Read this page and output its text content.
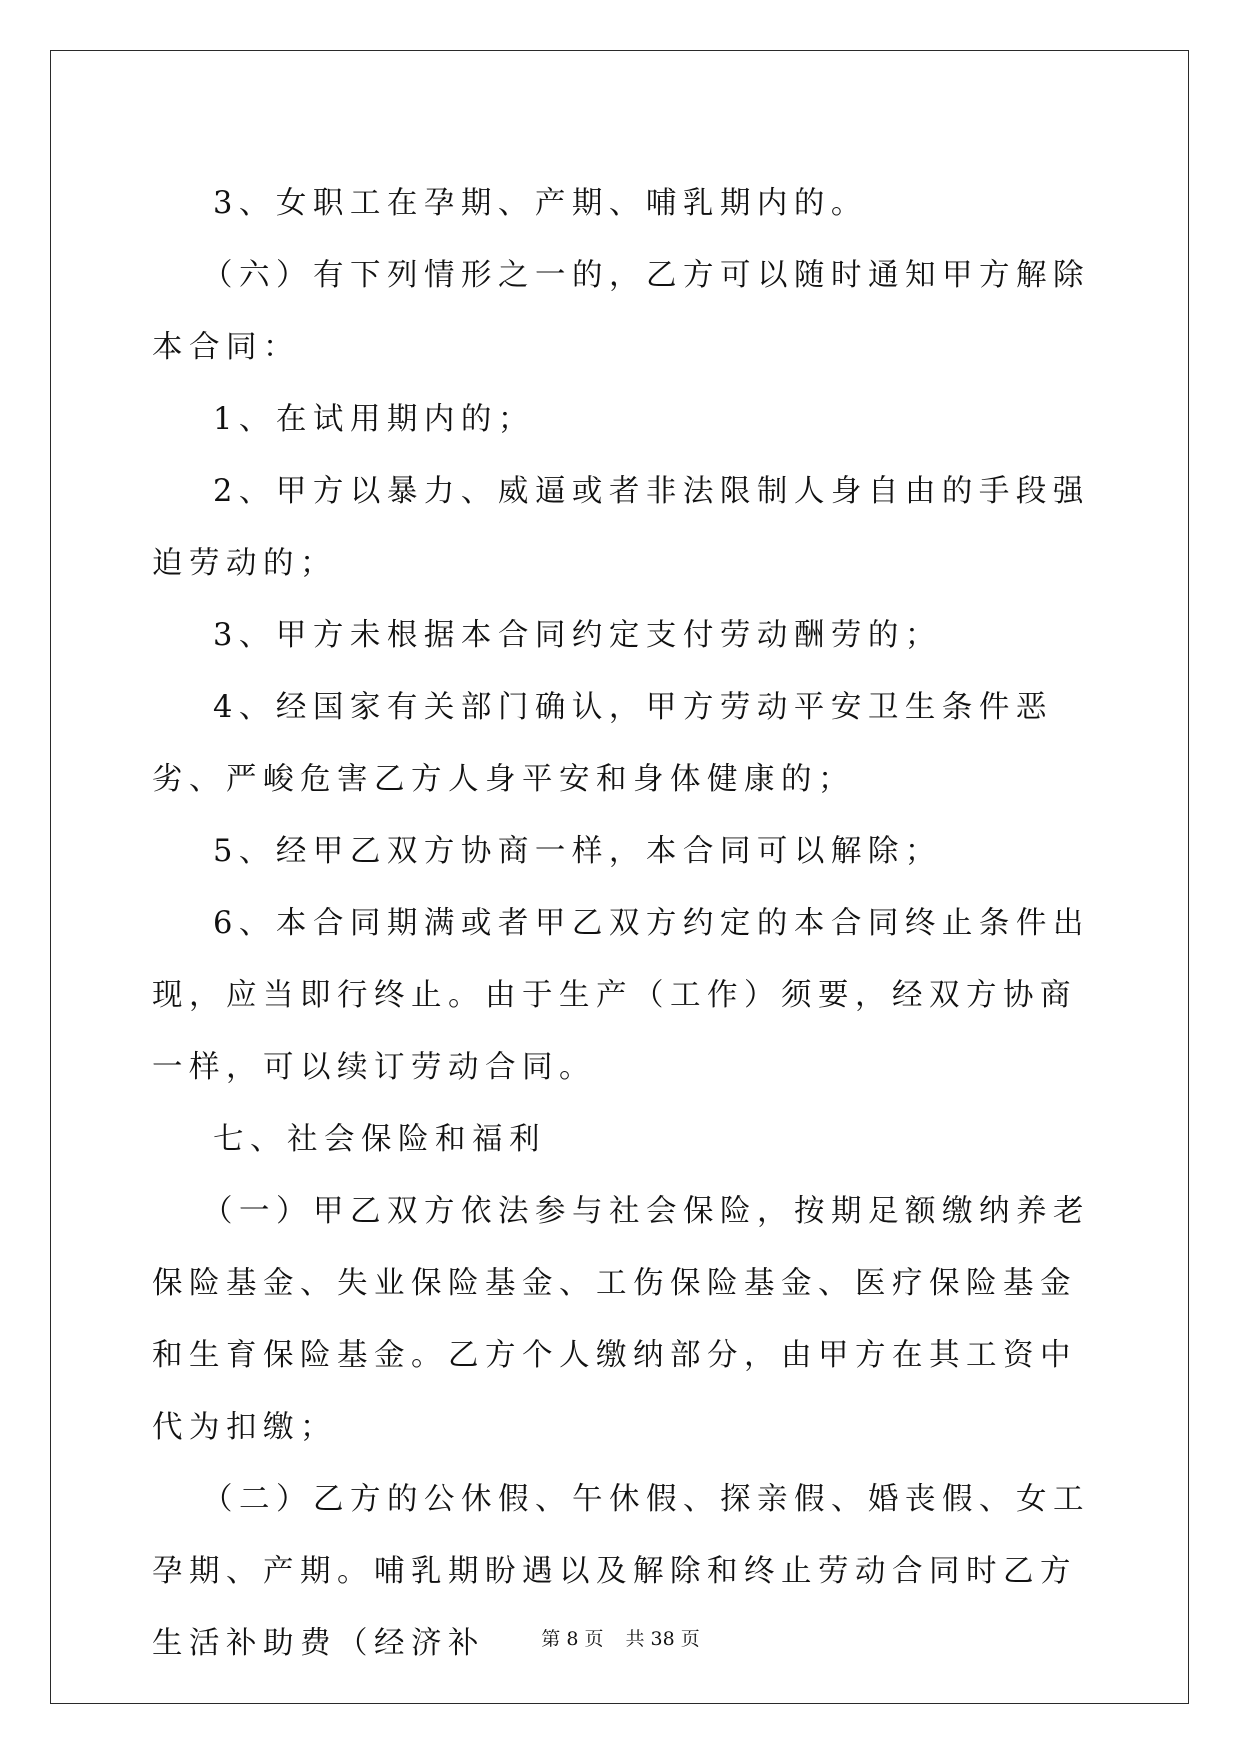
3、女职工在孕期、产期、哺乳期内的。

（六）有下列情形之一的，乙方可以随时通知甲方解除本合同：

1、在试用期内的；

2、甲方以暴力、威逼或者非法限制人身自由的手段强迫劳动的；

3、甲方未根据本合同约定支付劳动酬劳的；

4、经国家有关部门确认，甲方劳动平安卫生条件恶劣、严峻危害乙方人身平安和身体健康的；

5、经甲乙双方协商一样，本合同可以解除；

6、本合同期满或者甲乙双方约定的本合同终止条件出现，应当即行终止。由于生产（工作）须要，经双方协商一样，可以续订劳动合同。

七、社会保险和福利

（一）甲乙双方依法参与社会保险，按期足额缴纳养老保险基金、失业保险基金、工伤保险基金、医疗保险基金和生育保险基金。乙方个人缴纳部分，由甲方在其工资中代为扣缴；

（二）乙方的公休假、午休假、探亲假、婚丧假、女工孕期、产期。哺乳期盼遇以及解除和终止劳动合同时乙方生活补助费（经济补	第 8 页 共 38 页
